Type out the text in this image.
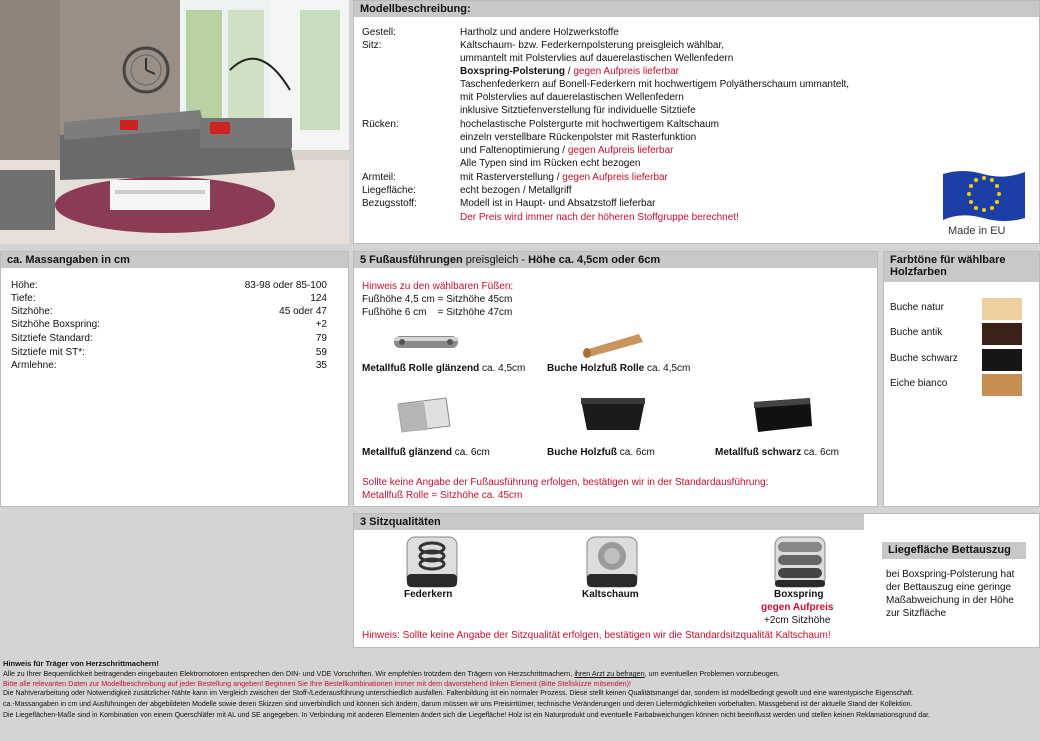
Modellbeschreibung:
Gestell:	Hartholz und andere Holzwerkstoffe
Sitz:	Kaltschaum- bzw. Federkernpolsterung preisgleich wählbar,
ummantelt mit Polstervlies auf dauerelastischen Wellenfedern
Boxspring-Polsterung / gegen Aufpreis lieferbar
Taschenfederkern auf Bonell-Federkern mit hochwertigem Polyätherschaum ummantelt,
mit Polstervlies auf dauerelastischen Wellenfedern
inklusive Sitztiefenverstellung für individuelle Sitztiefe
Rücken:	hochelastische Polstergurte mit hochwertigem Kaltschaum
einzeln verstellbare Rückenpolster mit Rasterfunktion
und Faltenoptimierung / gegen Aufpreis lieferbar
Alle Typen sind im Rücken echt bezogen
Armteil:	mit Rasterverstellung / gegen Aufpreis lieferbar
Liegefläche:	echt bezogen / Metallgriff
Bezugsstoff:	Modell ist in Haupt- und Absatzstoff lieferbar
Der Preis wird immer nach der höheren Stoffgruppe berechnet!
Made in EU
ca. Massangaben in cm
Höhe:	83-98 oder 85-100
Tiefe:	124
Sitzhöhe:	45 oder 47
Sitzhöhe Boxspring:	+2
Sitztiefe Standard:	79
Sitztiefe mit ST*:	59
Armlehne:	35
5 Fußausführungen preisgleich - Höhe ca. 4,5cm oder 6cm
Hinweis zu den wählbaren Füßen:
Fußhöhe 4,5 cm = Sitzhöhe 45cm
Fußhöhe 6 cm    = Sitzhöhe 47cm
Metallfuß Rolle glänzend ca. 4,5cm Buche Holzfuß Rolle ca. 4,5cm
Metallfuß glänzend ca. 6cm	Buche Holzfuß ca. 6cm	Metallfuß schwarz ca. 6cm
Sollte keine Angabe der Fußausführung erfolgen, bestätigen wir in der Standardausführung:
Metallfuß Rolle = Sitzhöhe ca. 45cm
Farbtöne für wählbare
Holzfarben
Buche natur
Buche antik
Buche schwarz
Eiche bianco
3 Sitzqualitäten
Federkern	Kaltschaum	Boxspring
gegen Aufpreis
+2cm Sitzhöhe
Hinweis: Sollte keine Angabe der Sitzqualität erfolgen, bestätigen wir die Standardsitzqualität Kaltschaum!
Liegefläche Bettauszug
bei Boxspring-Polsterung hat
der Bettauszug eine geringe
Maßabweichung in der Höhe
zur Sitzfläche
Hinweis für Träger von Herzschrittmachern!
Alle zu Ihrer Bequemlichkeit beitragenden eingebauten Elektromotoren entsprechen den DIN- und VDE Vorschriften. Wir empfehlen trotzdem den Trägern von Herzschrittmachern, ihren Arzt zu befragen, um eventuellen Problemen vorzubeugen.
Bitte alle relevanten Daten zur Modellbeschreibung auf jeder Bestellung angeben! Beginnen Sie Ihre Bestellkombinationen immer mit dem davorstehend linken Element (Bitte Stellskizze mitsenden)!
Die Nahtverarbeitung oder Notwendigkeit zusätzlicher Nähte kann im Vergleich zwischen der Stoff-/Lederausführung unterschiedlich ausfallen. Faltenbildung ist ein normaler Prozess. Diese stellt keinen Qualitätsmangel dar, sondern ist modellbedingt gewollt und eine warentypische Eigenschaft.
ca.-Massangaben in cm und Ausführungen der abgebildeten Modelle sowie deren Skizzen sind unverbindlich und können sich ändern, darum müssen wir uns Preisirrtümer, technische Veränderungen und deren Liefermöglichkeiten vorbehalten. Massgebend ist der aktuelle Stand der Kollektion.
Die Liegeflächen-Maße sind in Kombination von einem Querschläfer mit AL und SE angegeben. In Verbindung mit anderen Elementen ändert sich die Liegefläche! Holz ist ein Naturprodukt und eventuelle Farbabweichungen können nicht beeinflusst werden und stellen keinen Reklamationsgrund dar.
